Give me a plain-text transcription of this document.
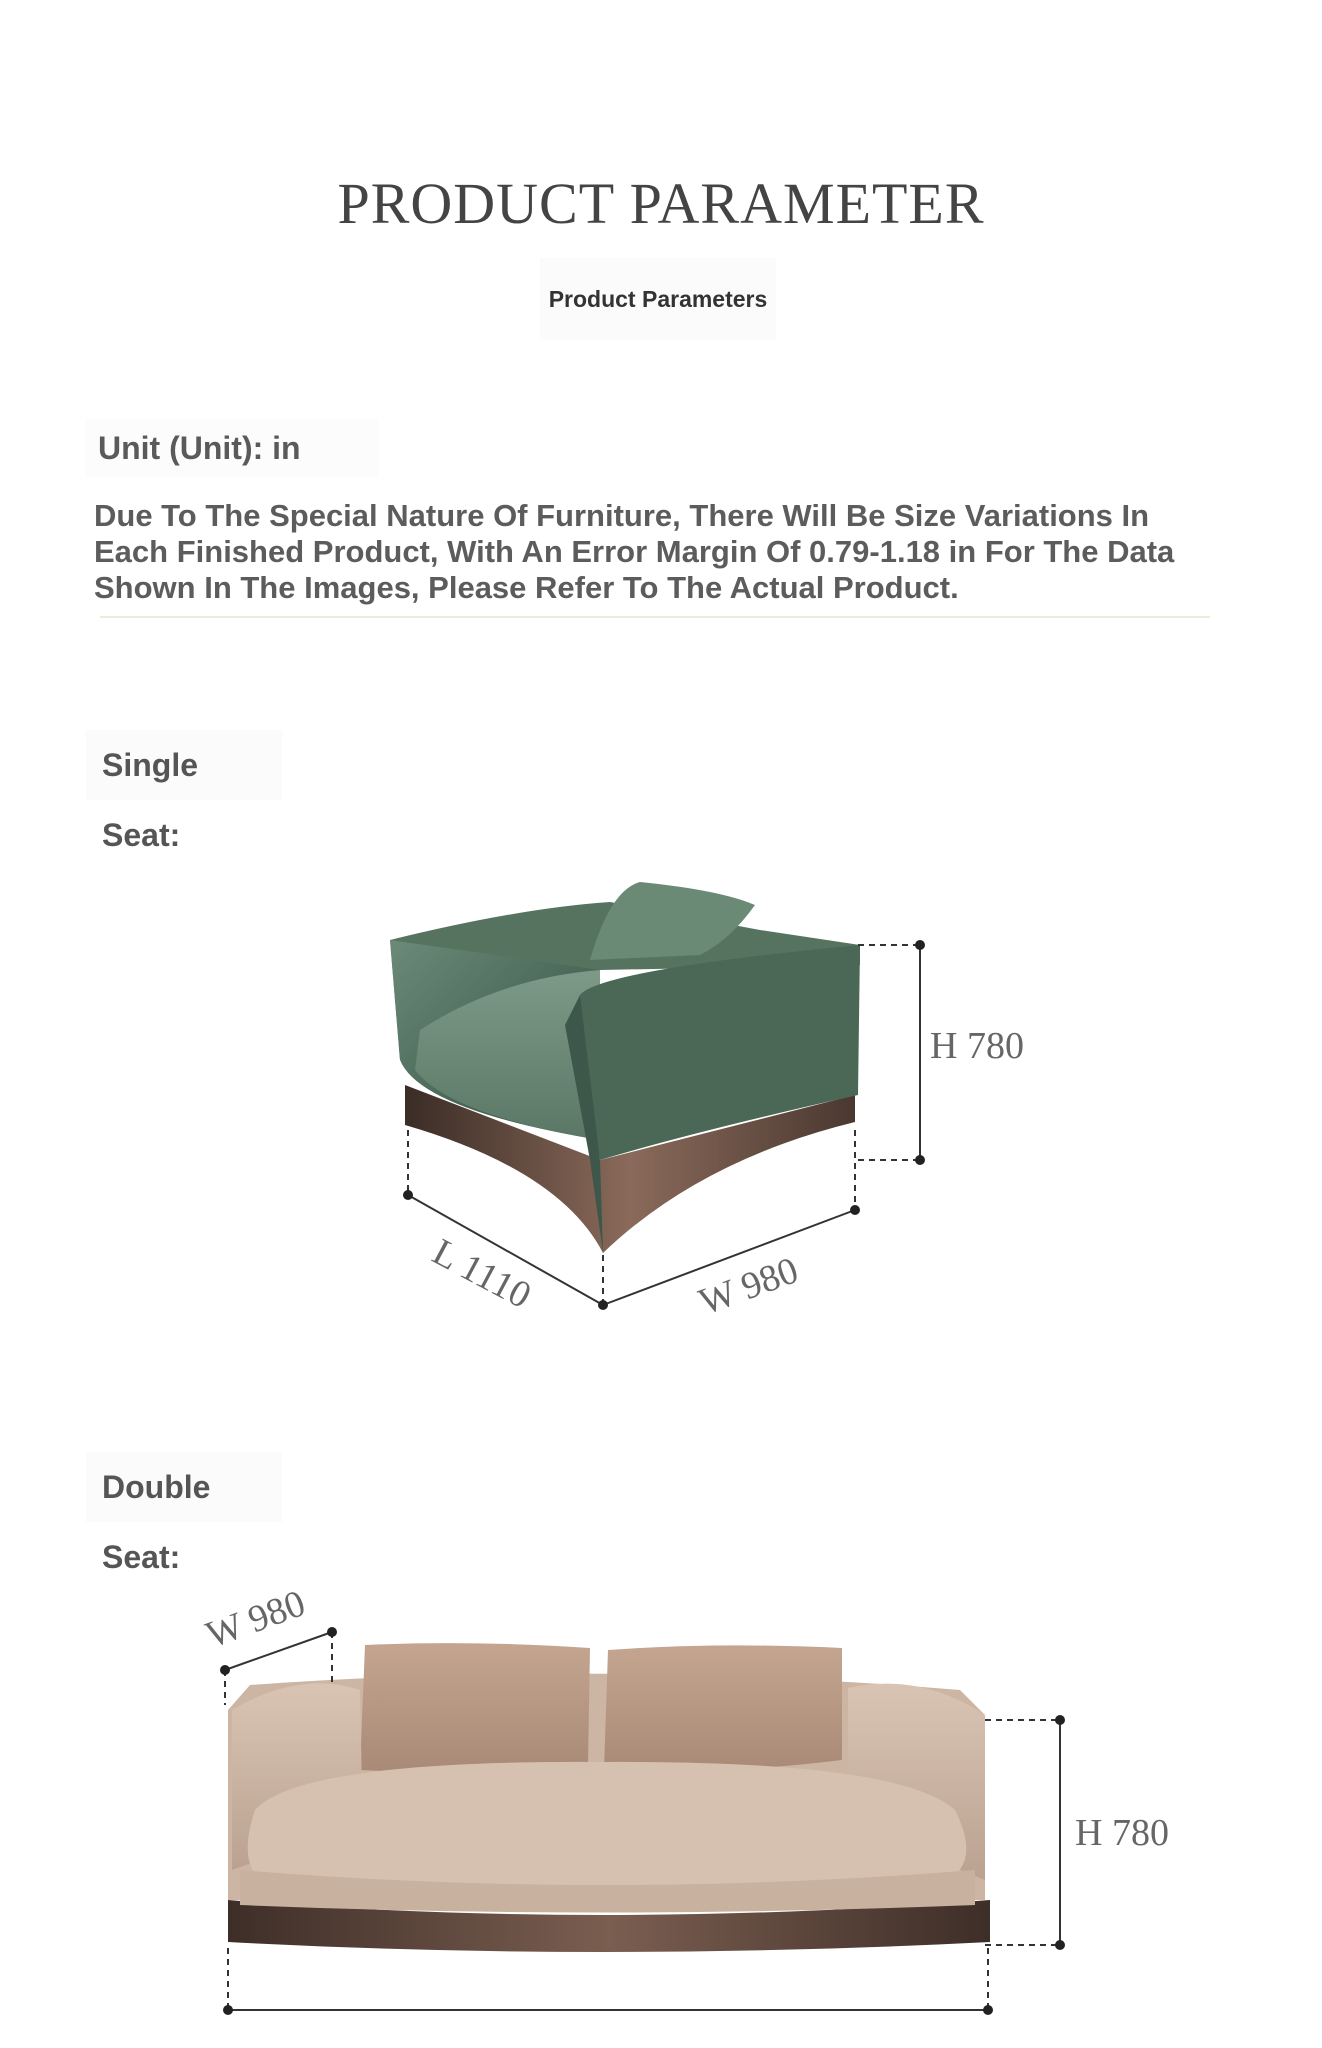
PRODUCT PARAMETER
Product Parameters
Unit (Unit): in
Due To The Special Nature Of Furniture, There Will Be Size Variations In Each Finished Product, With An Error Margin Of 0.79-1.18 in For The Data Shown In The Images, Please Refer To The Actual Product.
Single Seat:
H 780
L 1110	W 980
Double Seat:
W 980
H 780
